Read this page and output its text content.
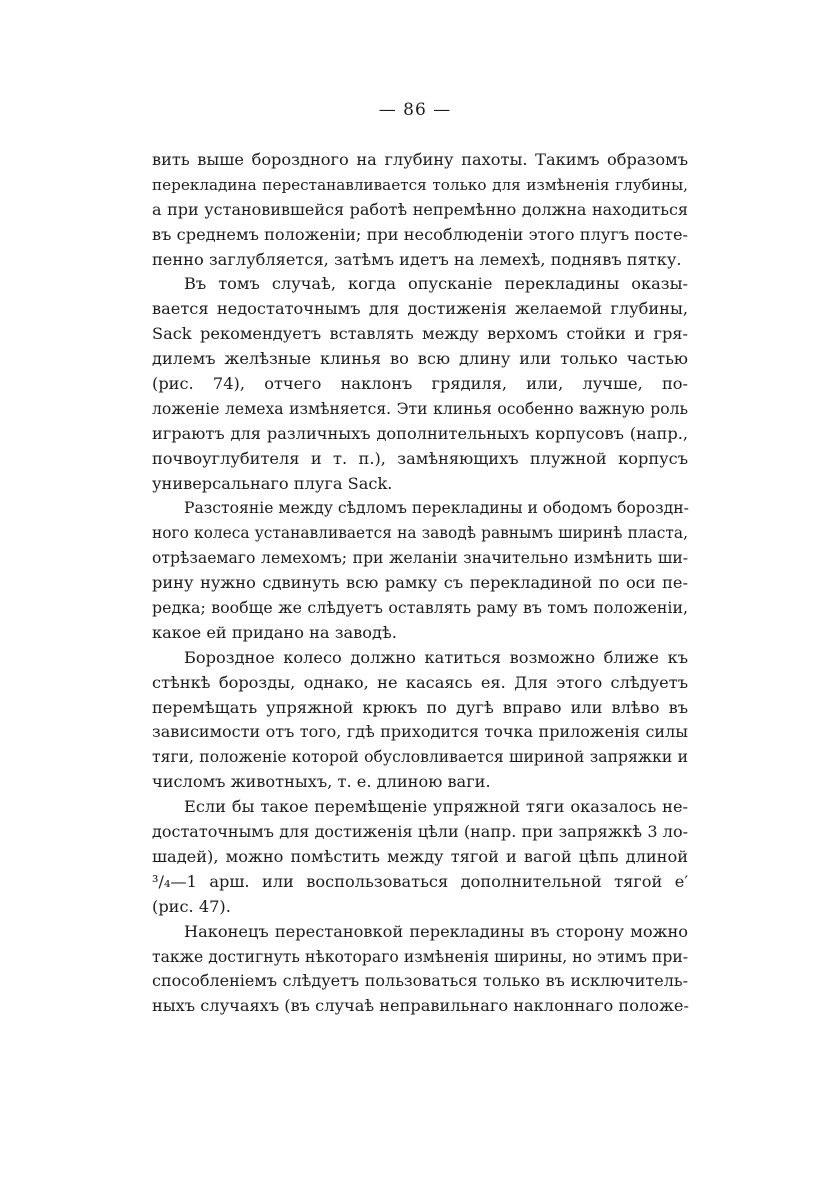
— 86 —
вить выше бороздного на глубину пахоты. Такимъ образомъ
перекладина перестанавливается только для измѣненія глубины,
а при установившейся работѣ непремѣнно должна находиться
въ среднемъ положеніи; при несоблюденіи этого плугъ посте-
пенно заглубляется, затѣмъ идетъ на лемехѣ, поднявъ пятку.
Въ томъ случаѣ, когда опусканіе перекладины оказы-
вается недостаточнымъ для достиженія желаемой глубины,
Sack рекомендуетъ вставлять между верхомъ стойки и гря-
дилемъ желѣзные клинья во всю длину или только частью
(рис. 74), отчего наклонъ грядиля, или, лучше, по-
ложеніе лемеха измѣняется. Эти клинья особенно важную роль
играютъ для различныхъ дополнительныхъ корпусовъ (напр.,
почвоуглубителя и т. п.), замѣняющихъ плужной корпусъ
универсальнаго плуга Sack.
Разстояніе между сѣдломъ перекладины и ободомъ бороздн-
ного колеса устанавливается на заводѣ равнымъ ширинѣ пласта,
отрѣзаемаго лемехомъ; при желаніи значительно измѣнить ши-
рину нужно сдвинуть всю рамку съ перекладиной по оси пе-
редка; вообще же слѣдуетъ оставлять раму въ томъ положеніи,
какое ей придано на заводѣ.
Бороздное колесо должно катиться возможно ближе къ
стѣнкѣ борозды, однако, не касаясь ея. Для этого слѣдуетъ
перемѣщать упряжной крюкъ по дугѣ вправо или влѣво въ
зависимости отъ того, гдѣ приходится точка приложенія силы
тяги, положеніе которой обусловливается шириной запряжки и
числомъ животныхъ, т. е. длиною ваги.
Если бы такое перемѣщеніе упряжной тяги оказалось не-
достаточнымъ для достиженія цѣли (напр. при запряжкѣ 3 ло-
шадей), можно помѣстить между тягой и вагой цѣпь длиной
³/₄—1 арш. или воспользоваться дополнительной тягой e′
(рис. 47).
Наконецъ перестановкой перекладины въ сторону можно
также достигнуть нѣкотораго измѣненія ширины, но этимъ при-
способленіемъ слѣдуетъ пользоваться только въ исключитель-
ныхъ случаяхъ (въ случаѣ неправильнаго наклоннаго положе-
